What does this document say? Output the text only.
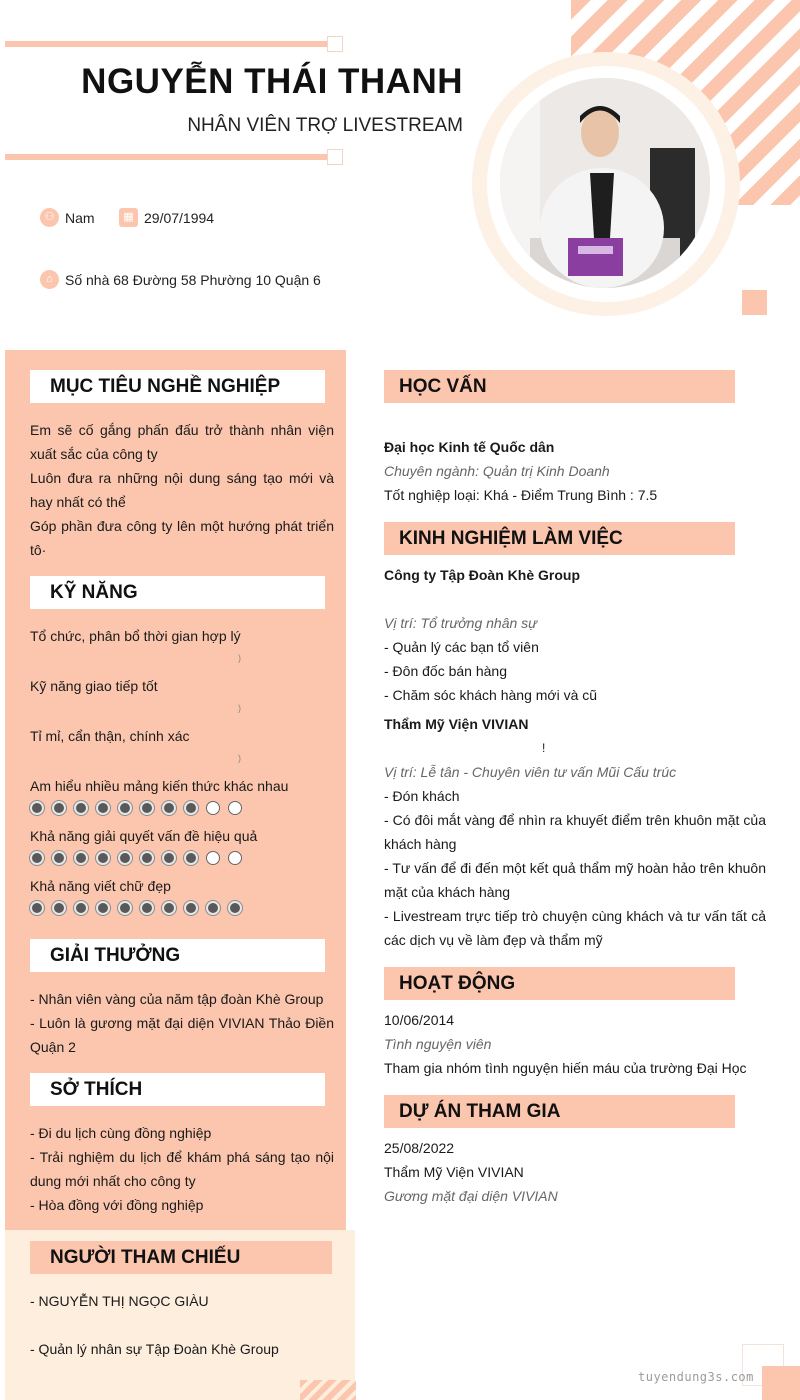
NGUYỄN THÁI THANH
NHÂN VIÊN TRỢ LIVESTREAM
⚇ Nam	▦ 29/07/1994
⌂ Số nhà 68 Đường 58 Phường 10 Quận 6
MỤC TIÊU NGHỀ NGHIỆP
Em sẽ cố gắng phấn đấu trở thành nhân viện xuất sắc của công ty
Luôn đưa ra những nội dung sáng tạo mới và hay nhất có thể
Góp phần đưa công ty lên một hướng phát triển tô·
KỸ NĂNG
Tổ chức, phân bổ thời gian hợp lý
)
Kỹ năng giao tiếp tốt
)
Tỉ mỉ, cẩn thận, chính xác
)
Am hiểu nhiều mảng kiến thức khác nhau
Khả năng giải quyết vấn đề hiệu quả
Khả năng viết chữ đẹp
GIẢI THƯỞNG
- Nhân viên vàng của năm tập đoàn Khè Group
- Luôn là gương mặt đại diện VIVIAN Thảo Điền Quận 2
SỞ THÍCH
- Đi du lịch cùng đồng nghiệp
- Trải nghiệm du lịch để khám phá sáng tạo nội dung mới nhất cho công ty
- Hòa đồng với đồng nghiệp
NGƯỜI THAM CHIẾU
- NGUYỄN THỊ NGỌC GIÀU
- Quản lý nhân sự Tập Đoàn Khè Group
HỌC VẤN
Đại học Kinh tế Quốc dân
Chuyên ngành: Quản trị Kinh Doanh
Tốt nghiệp loại: Khá - Điểm Trung Bình : 7.5
KINH NGHIỆM LÀM VIỆC
Công ty Tập Đoàn Khè Group
Vị trí: Tổ trưởng nhân sự
- Quản lý các bạn tổ viên
- Đôn đốc bán hàng
- Chăm sóc khách hàng mới và cũ
Thẩm Mỹ Viện VIVIAN
!
Vị trí: Lễ tân - Chuyên viên tư vấn Mũi Cấu trúc
- Đón khách
- Có đôi mắt vàng để nhìn ra khuyết điểm trên khuôn mặt của khách hàng
- Tư vấn để đi đến một kết quả thẩm mỹ hoàn hảo trên khuôn mặt của khách hàng
- Livestream trực tiếp trò chuyện cùng khách và tư vấn tất cả các dịch vụ về làm đẹp và thẩm mỹ
HOẠT ĐỘNG
10/06/2014
Tình nguyện viên
Tham gia nhóm tình nguyện hiến máu của trường Đại Học
DỰ ÁN THAM GIA
25/08/2022
Thẩm Mỹ Viện VIVIAN
Gương mặt đại diện VIVIAN
tuyendung3s.com
